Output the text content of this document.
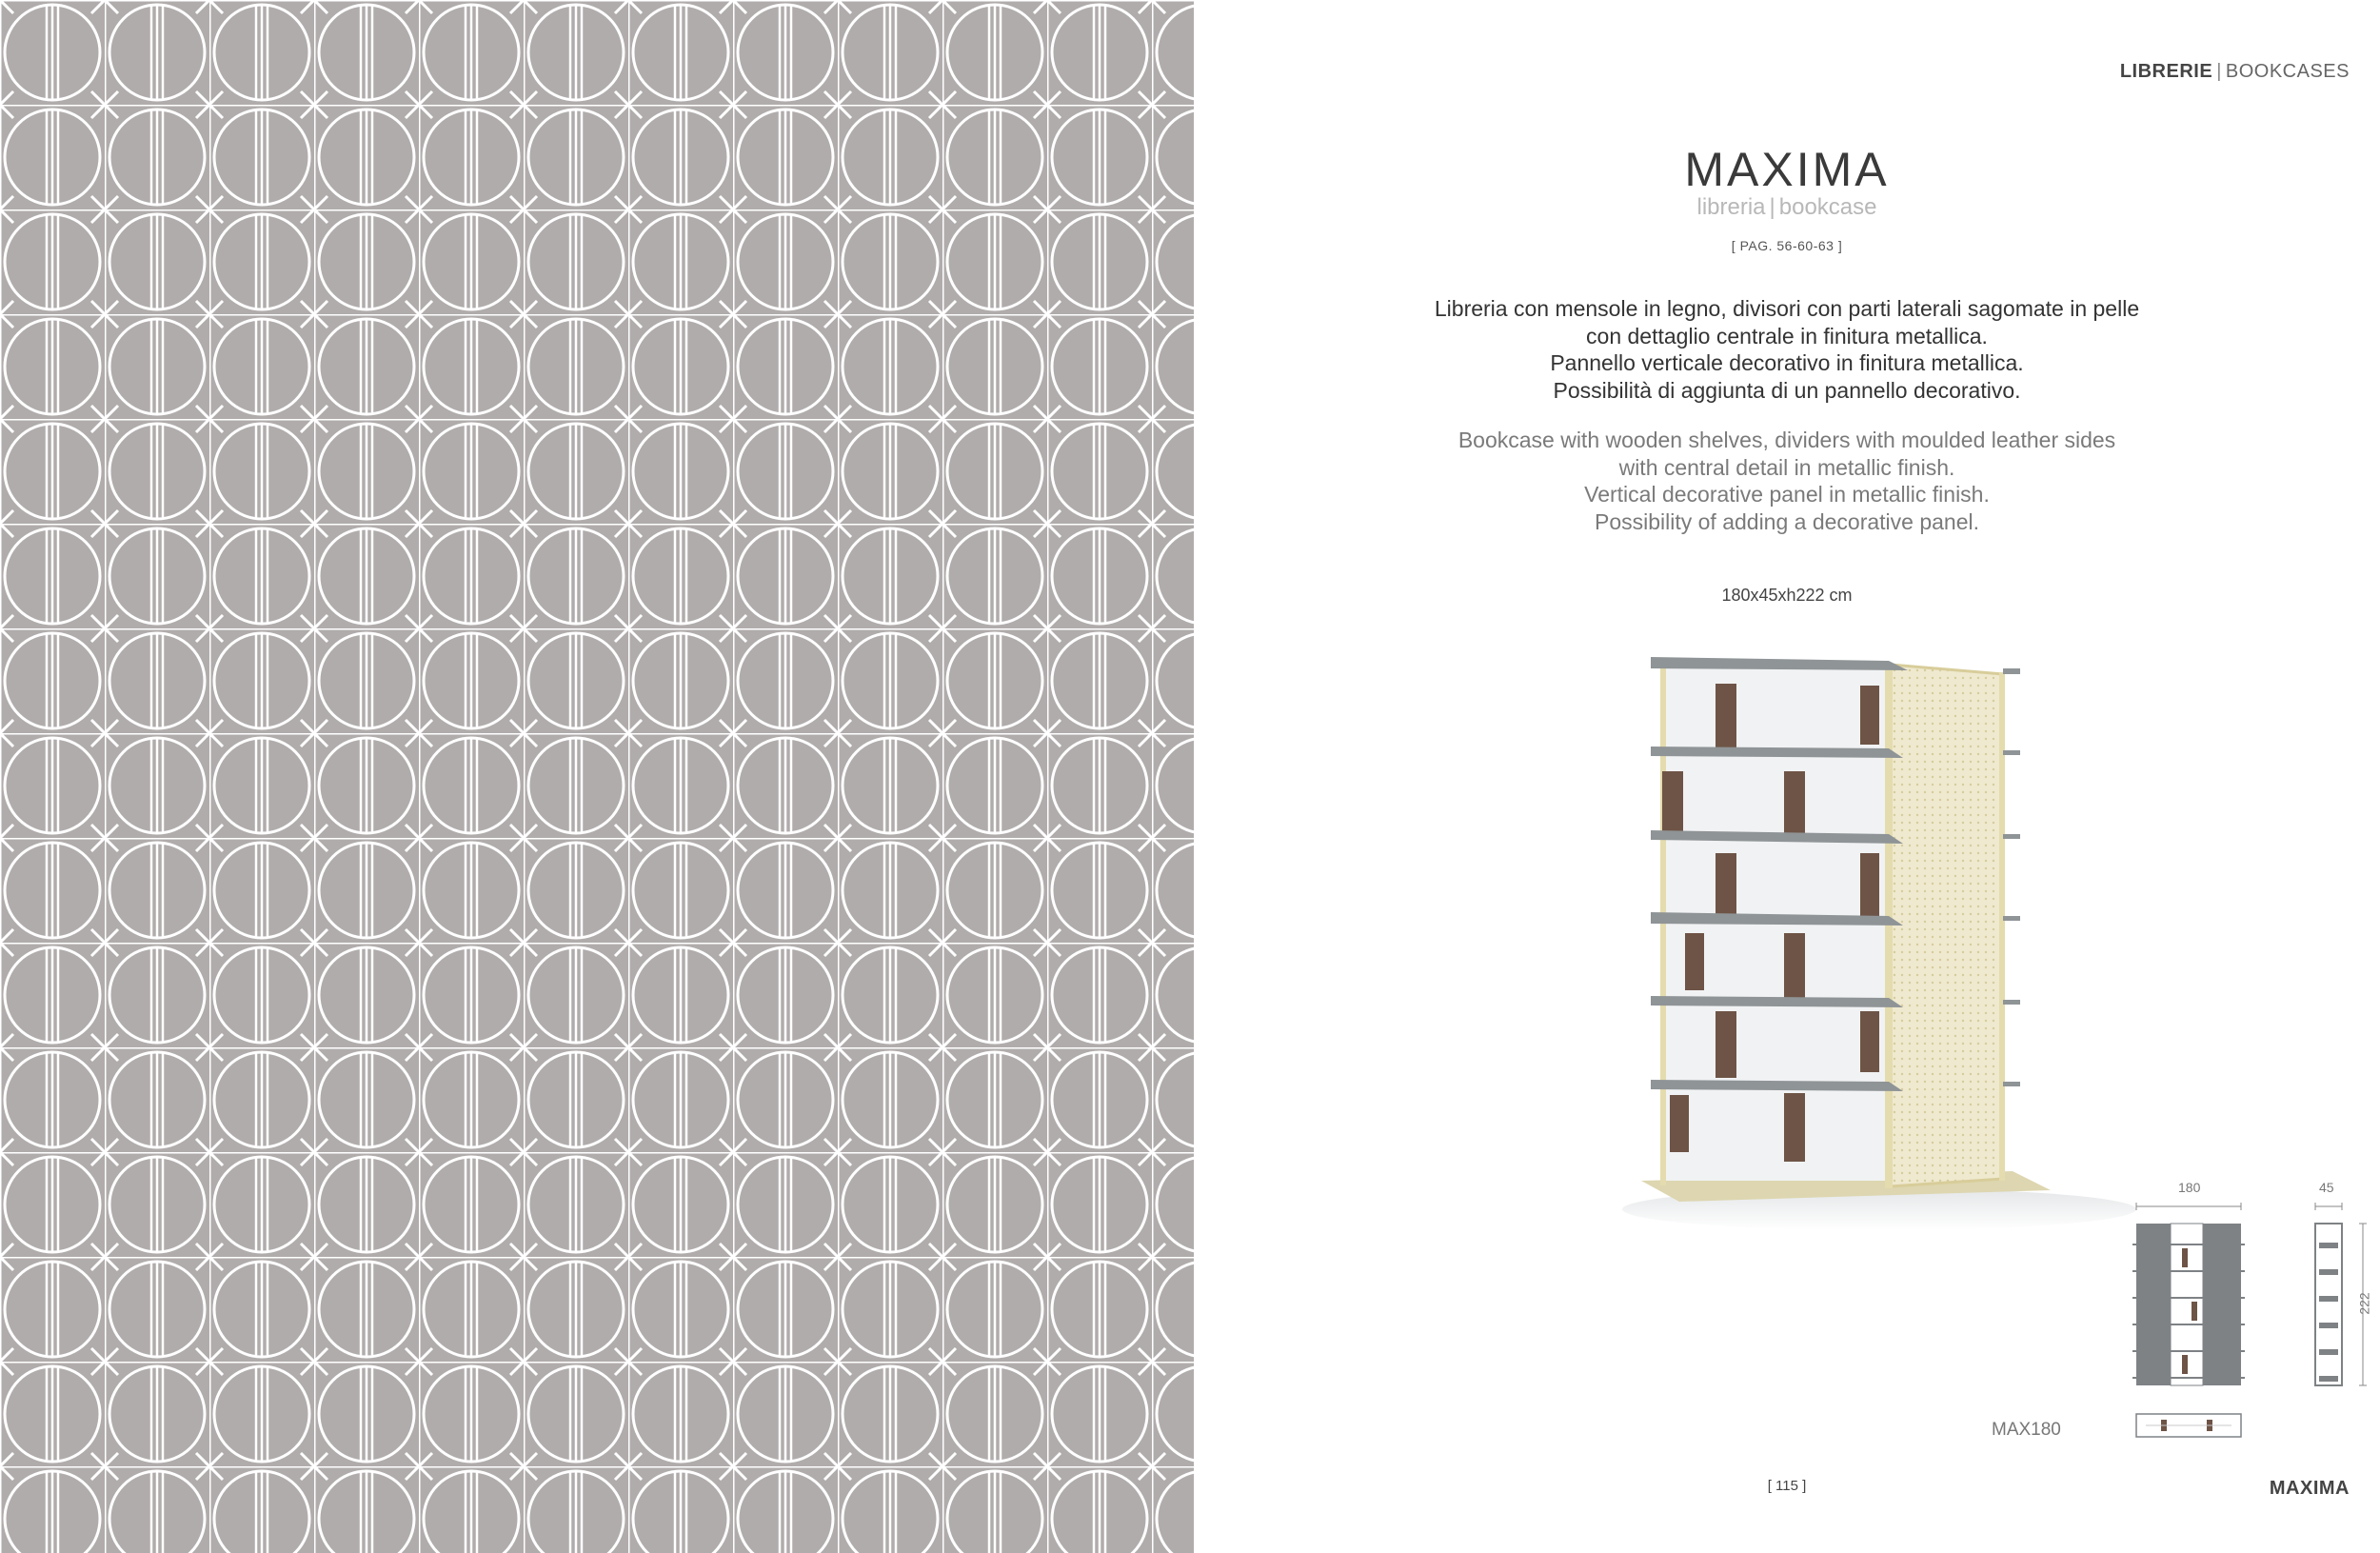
LIBRERIE | BOOKCASES
MAXIMA
libreria | bookcase
[ PAG. 56-60-63 ]
Libreria con mensole in legno, divisori con parti laterali sagomate in pelle
con dettaglio centrale in finitura metallica.
Pannello verticale decorativo in finitura metallica.
Possibilità di aggiunta di un pannello decorativo.
Bookcase with wooden shelves, dividers with moulded leather sides
with central detail in metallic finish.
Vertical decorative panel in metallic finish.
Possibility of adding a decorative panel.
180x45xh222 cm
180	45
222
MAX180
[ 115 ]	MAXIMA
